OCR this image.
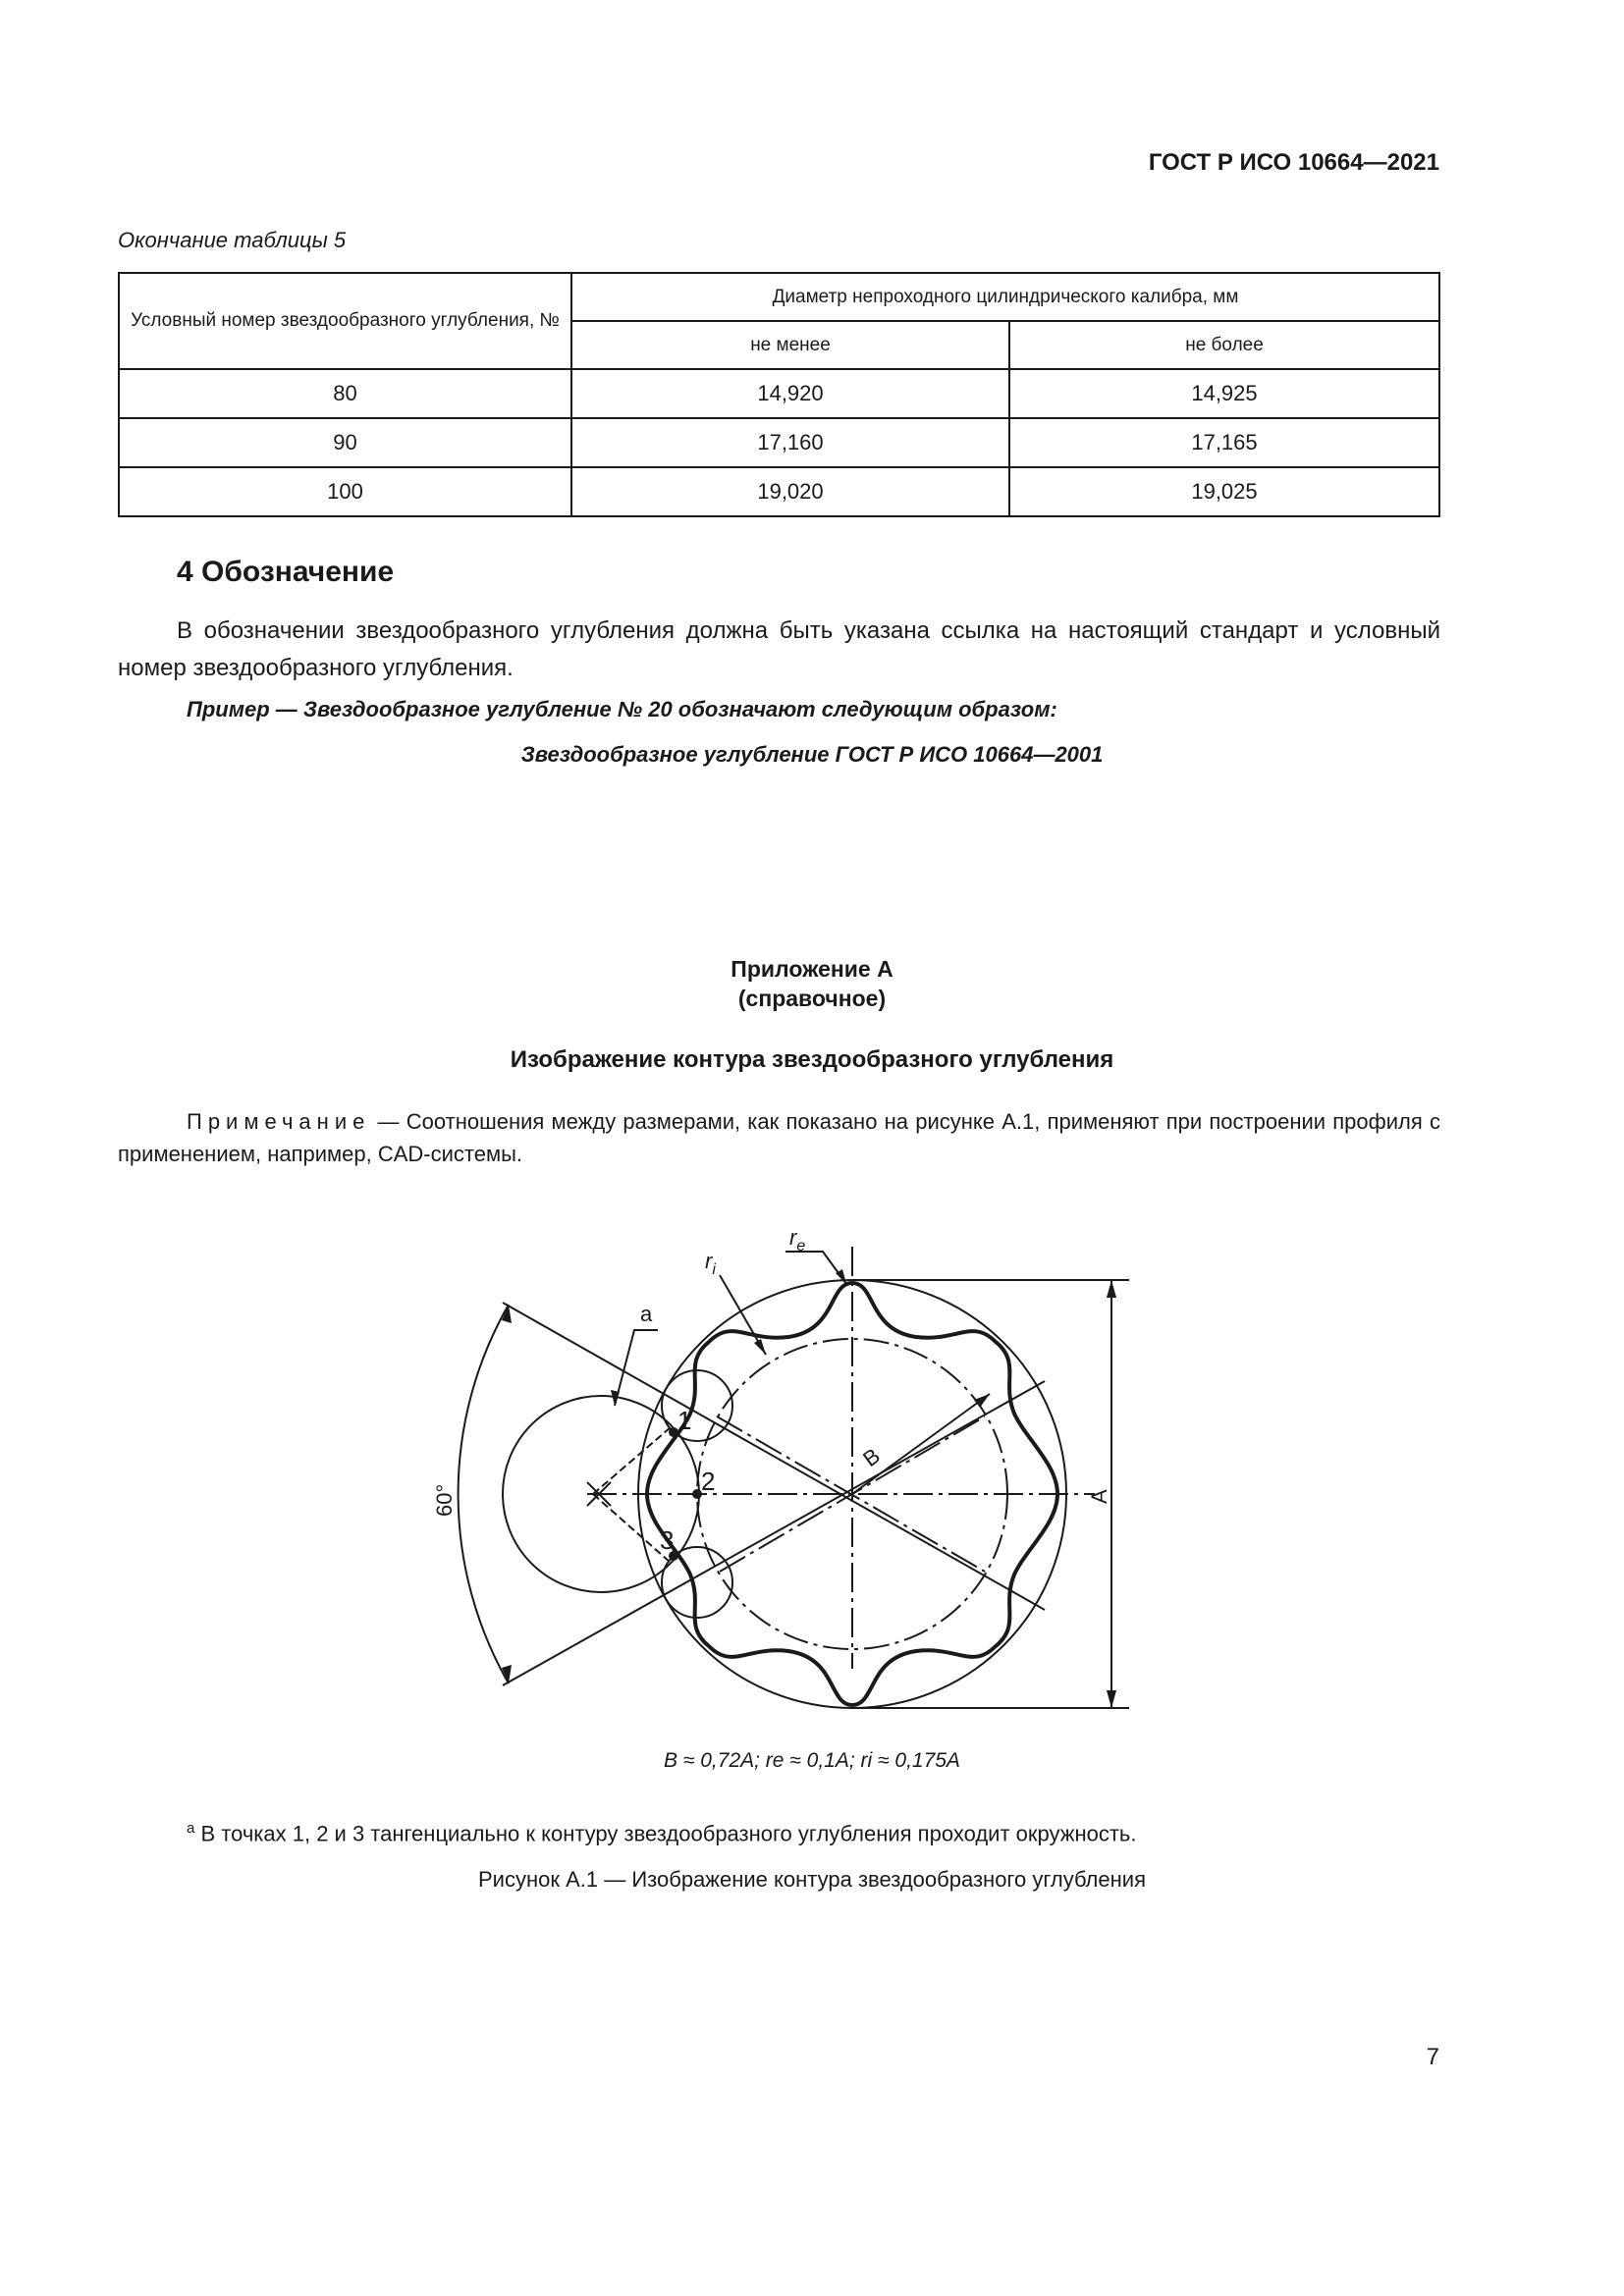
ГОСТ Р ИСО 10664—2021
Окончание таблицы 5
Условный номер звездообразного углубления, №	Диаметр непроходного цилиндрического калибра, мм	
	не менее	не более
80	14,920	14,925
90	17,160	17,165
100	19,020	19,025
4 Обозначение
В обозначении звездообразного углубления должна быть указана ссылка на настоящий стандарт и условный номер звездообразного углубления.
Пример — Звездообразное углубление № 20 обозначают следующим образом:
Звездообразное углубление ГОСТ Р ИСО 10664—2001
Приложение А
(справочное)
Изображение контура звездообразного углубления
Примечание — Соотношения между размерами, как показано на рисунке А.1, применяют при построении профиля с применением, например, CAD-системы.
$r_e$
$r_i$
a
1
2
3
B
A
60°
B ≈ 0,72A; re ≈ 0,1A; ri ≈ 0,175A
$^а$ В точках 1, 2 и 3 тангенциально к контуру звездообразного углубления проходит окружность.
Рисунок А.1 — Изображение контура звездообразного углубления
7
